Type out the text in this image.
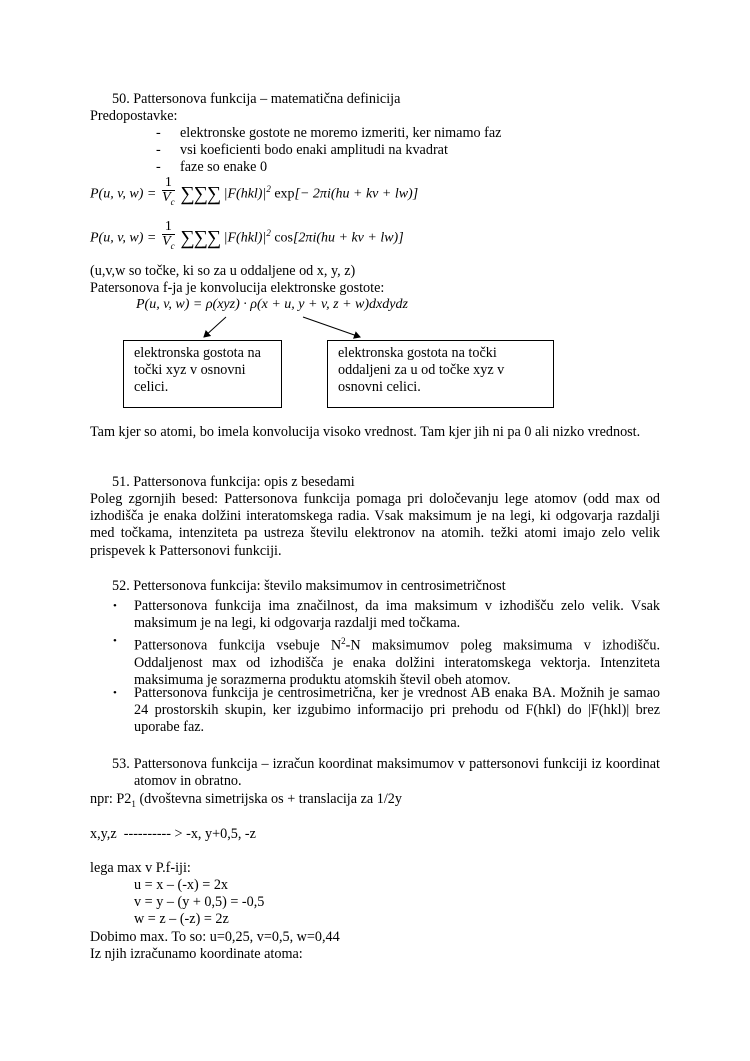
50. Pattersonova funkcija – matematična definicija
Predopostavke:
- elektronske gostote ne moremo izmeriti, ker nimamo faz
- vsi koeficienti bodo enaki amplitudi na kvadrat
- faze so enake 0
P(u, v, $w) = \frac{1}{V_c}$ ∑∑∑ $|F(hkl)|^2$ exp[− 2πi(hu + kv + lw)]
P(u, v, $w) = \frac{1}{V_c}$ ∑∑∑ $|F(hkl)|^2$ cos[2πi(hu + kv + lw)]
(u,v,w so točke, ki so za u oddaljene od x, y, z)
Patersonova f-ja je konvolucija elektronske gostote:
P(u, v, w) = ρ(xyz) · ρ(x + u, y + v, z + w)dxdydz
elektronska gostota na točki xyz v osnovni celici.
elektronska gostota na točki oddaljeni za u od točke xyz v osnovni celici.
Tam kjer so atomi, bo imela konvolucija visoko vrednost. Tam kjer jih ni pa 0 ali nizko vrednost.
51. Pattersonova funkcija: opis z besedami
Poleg zgornjih besed: Pattersonova funkcija pomaga pri določevanju lege atomov (odd max od izhodišča je enaka dolžini interatomskega radia. Vsak maksimum je na legi, ki odgovarja razdalji med točkama, intenziteta pa ustreza številu elektronov na atomih. težki atomi imajo zelo velik prispevek k Pattersonovi funkciji.
52. Pettersonova funkcija: število maksimumov in centrosimetričnost
• Pattersonova funkcija ima značilnost, da ima maksimum v izhodišču zelo velik. Vsak maksimum je na legi, ki odgovarja razdalji med točkama.
• Pattersonova funkcija vsebuje $N^2-N$ maksimumov poleg maksimuma v izhodišču. Oddaljenost max od izhodišča je enaka dolžini interatomskega vektorja. Intenziteta maksimuma je sorazmerna produktu atomskih števil obeh atomov.
• Pattersonova funkcija je centrosimetrična, ker je vrednost AB enaka BA. Možnih je samao 24 prostorskih skupin, ker izgubimo informacijo pri prehodu od F(hkl) do |F(hkl)| brez uporabe faz.
53. Pattersonova funkcija – izračun koordinat maksimumov v pattersonovi funkciji iz koordinat atomov in obratno.
npr: $P2_1$ (dvoštevna simetrijska os + translacija za 1/2y
x,y,z  ---------- > -x, y+0,5, -z
lega max v P.f-iji:
u = x – (-x) = 2x
v = y – (y + 0,5) = -0,5
w = z – (-z) = 2z
Dobimo max. To so: u=0,25, v=0,5, w=0,44
Iz njih izračunamo koordinate atoma:
